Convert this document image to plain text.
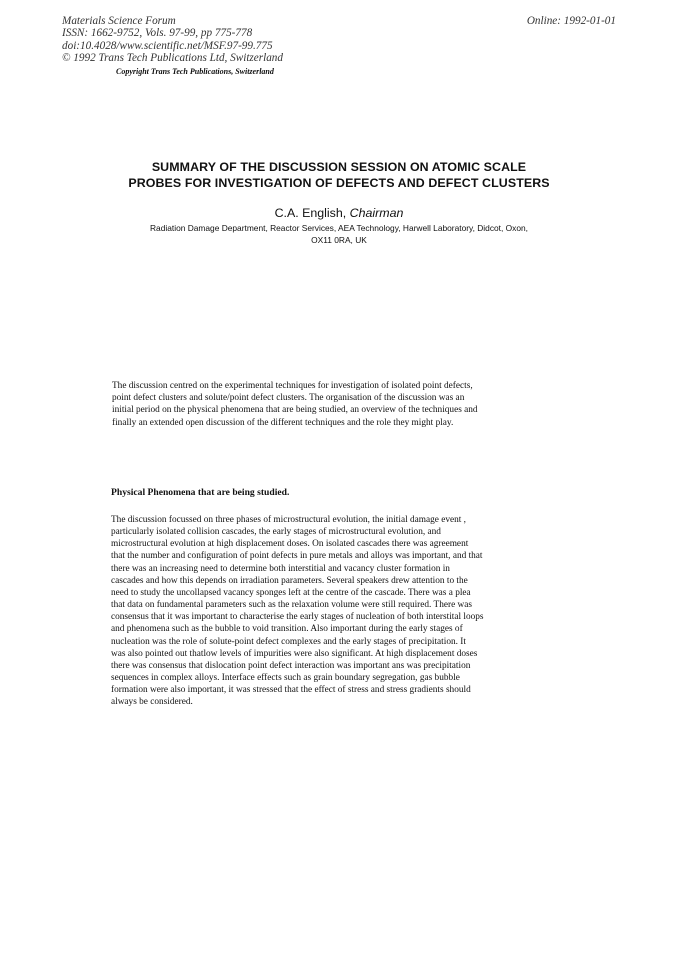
Materials Science Forum
ISSN: 1662-9752, Vols. 97-99, pp 775-778
doi:10.4028/www.scientific.net/MSF.97-99.775
© 1992 Trans Tech Publications Ltd, Switzerland
Online: 1992-01-01
Copyright Trans Tech Publications, Switzerland
SUMMARY OF THE DISCUSSION SESSION ON ATOMIC SCALE
PROBES FOR INVESTIGATION OF DEFECTS AND DEFECT CLUSTERS
C.A. English, Chairman
Radiation Damage Department, Reactor Services, AEA Technology, Harwell Laboratory, Didcot, Oxon,
OX11 0RA, UK
The discussion centred on the experimental techniques for investigation of isolated point defects,
point defect clusters and solute/point defect clusters. The organisation of the discussion was an
initial period on the physical phenomena that are being studied, an overview of the techniques and
finally an extended open discussion of the different techniques and the role they might play.
Physical Phenomena that are being studied.
The discussion focussed on three phases of microstructural evolution, the initial damage event ,
particularly isolated collision cascades, the early stages of microstructural evolution, and
microstructural evolution at high displacement doses. On isolated cascades there was agreement
that the number and configuration of point defects in pure metals and alloys was important, and that
there was an increasing need to determine both interstitial and vacancy cluster formation in
cascades and how this depends on irradiation parameters. Several speakers drew attention to the
need to study the uncollapsed vacancy sponges left at the centre of the cascade. There was a plea
that data on fundamental parameters such as the relaxation volume were still required. There was
consensus that it was important to characterise the early stages of nucleation of both interstital loops
and phenomena such as the bubble to void transition. Also important during the early stages of
nucleation was the role of solute-point defect complexes and the early stages of precipitation. It
was also pointed out thatlow levels of impurities were also significant. At high displacement doses
there was consensus that dislocation point defect interaction was important ans was precipitation
sequences in complex alloys. Interface effects such as grain boundary segregation, gas bubble
formation were also important, it was stressed that the effect of stress and stress gradients should
always be considered.
